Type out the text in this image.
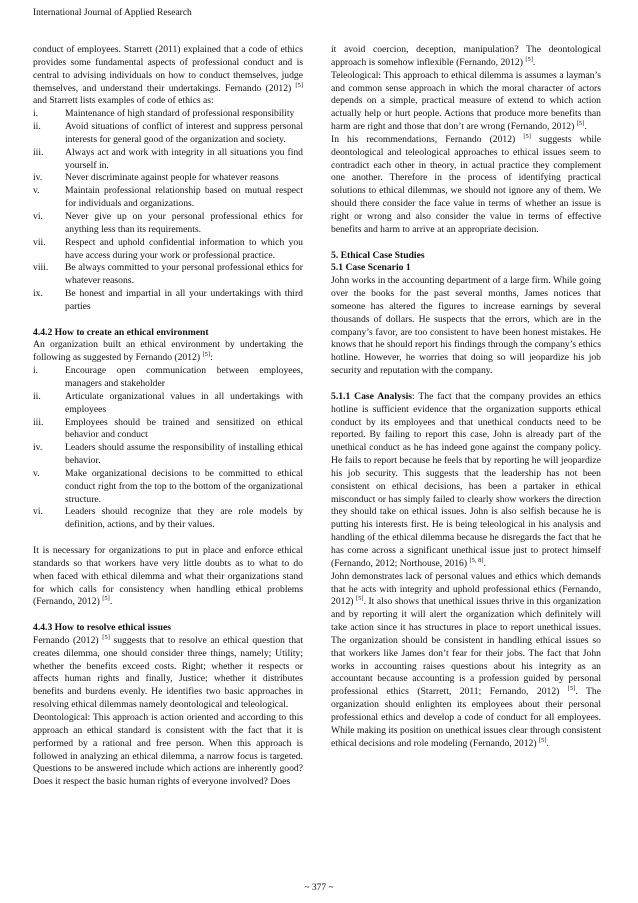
International Journal of Applied Research

conduct of employees. Starrett (2011) explained that a code of ethics provides some fundamental aspects of professional conduct and is central to advising individuals on how to conduct themselves, judge themselves, and understand their undertakings. Fernando (2012) [5] and Starrett lists examples of code of ethics as:

i.	Maintenance of high standard of professional responsibility
ii.	Avoid situations of conflict of interest and suppress personal interests for general good of the organization and society.
iii. Always act and work with integrity in all situations you find yourself in.
iv. Never discriminate against people for whatever reasons
v.	Maintain professional relationship based on mutual respect for individuals and organizations.
vi. Never give up on your personal professional ethics for anything less than its requirements.
vii. Respect and uphold confidential information to which you have access during your work or professional practice.
viii. Be always committed to your personal professional ethics for whatever reasons.
ix. Be honest and impartial in all your undertakings with third parties

4.4.2 How to create an ethical environment

An organization built an ethical environment by undertaking the following as suggested by Fernando (2012) [5]:

i.	Encourage open communication between employees, managers and stakeholder
ii.	Articulate organizational values in all undertakings with employees
iii. Employees should be trained and sensitized on ethical behavior and conduct
iv. Leaders should assume the responsibility of installing ethical behavior.
v.	Make organizational decisions to be committed to ethical conduct right from the top to the bottom of the organizational structure.
vi. Leaders should recognize that they are role models by definition, actions, and by their values.

It is necessary for organizations to put in place and enforce ethical standards so that workers have very little doubts as to what to do when faced with ethical dilemma and what their organizations stand for which calls for consistency when handling ethical problems (Fernando, 2012) [5].

4.4.3 How to resolve ethical issues

Fernando (2012) [5] suggests that to resolve an ethical question that creates dilemma, one should consider three things, namely; Utility; whether the benefits exceed costs. Right; whether it respects or affects human rights and finally, Justice; whether it distributes benefits and burdens evenly. He identifies two basic approaches in resolving ethical dilemmas namely deontological and teleological.

Deontological: This approach is action oriented and according to this approach an ethical standard is consistent with the fact that it is performed by a rational and free person. When this approach is followed in analyzing an ethical dilemma, a narrow focus is targeted. Questions to be answered include which actions are inherently good? Does it respect the basic human rights of everyone involved? Does

it avoid coercion, deception, manipulation? The deontological approach is somehow inflexible (Fernando, 2012) [5].

Teleological: This approach to ethical dilemma is assumes a layman’s and common sense approach in which the moral character of actors depends on a simple, practical measure of extend to which action actually help or hurt people. Actions that produce more benefits than harm are right and those that don’t are wrong (Fernando, 2012) [5].

In his recommendations, Fernando (2012) [5] suggests while deontological and teleological approaches to ethical issues seem to contradict each other in theory, in actual practice they complement one another. Therefore in the process of identifying practical solutions to ethical dilemmas, we should not ignore any of them. We should there consider the face value in terms of whether an issue is right or wrong and also consider the value in terms of effective benefits and harm to arrive at an appropriate decision.

5. Ethical Case Studies

5.1 Case Scenario 1

John works in the accounting department of a large firm. While going over the books for the past several months, James notices that someone has altered the figures to increase earnings by several thousands of dollars. He suspects that the errors, which are in the company’s favor, are too consistent to have been honest mistakes. He knows that he should report his findings through the company’s ethics hotline. However, he worries that doing so will jeopardize his job security and reputation with the company.

5.1.1 Case Analysis: The fact that the company provides an ethics hotline is sufficient evidence that the organization supports ethical conduct by its employees and that unethical conducts need to be reported. By failing to report this case, John is already part of the unethical conduct as he has indeed gone against the company policy. He fails to report because he feels that by reporting he will jeopardize his job security. This suggests that the leadership has not been consistent on ethical decisions, has been a partaker in ethical misconduct or has simply failed to clearly show workers the direction they should take on ethical issues. John is also selfish because he is putting his interests first. He is being teleological in his analysis and handling of the ethical dilemma because he disregards the fact that he has come across a significant unethical issue just to protect himself (Fernando, 2012; Northouse, 2016) [5, 8].

John demonstrates lack of personal values and ethics which demands that he acts with integrity and uphold professional ethics (Fernando, 2012) [5]. It also shows that unethical issues thrive in this organization and by reporting it will alert the organization which definitely will take action since it has structures in place to report unethical issues. The organization should be consistent in handling ethical issues so that workers like James don’t fear for their jobs. The fact that John works in accounting raises questions about his integrity as an accountant because accounting is a profession guided by personal professional ethics (Starrett, 2011; Fernando, 2012) [5]. The organization should enlighten its employees about their personal professional ethics and develop a code of conduct for all employees. While making its position on unethical issues clear through consistent ethical decisions and role modeling (Fernando, 2012) [5].

~ 377 ~
